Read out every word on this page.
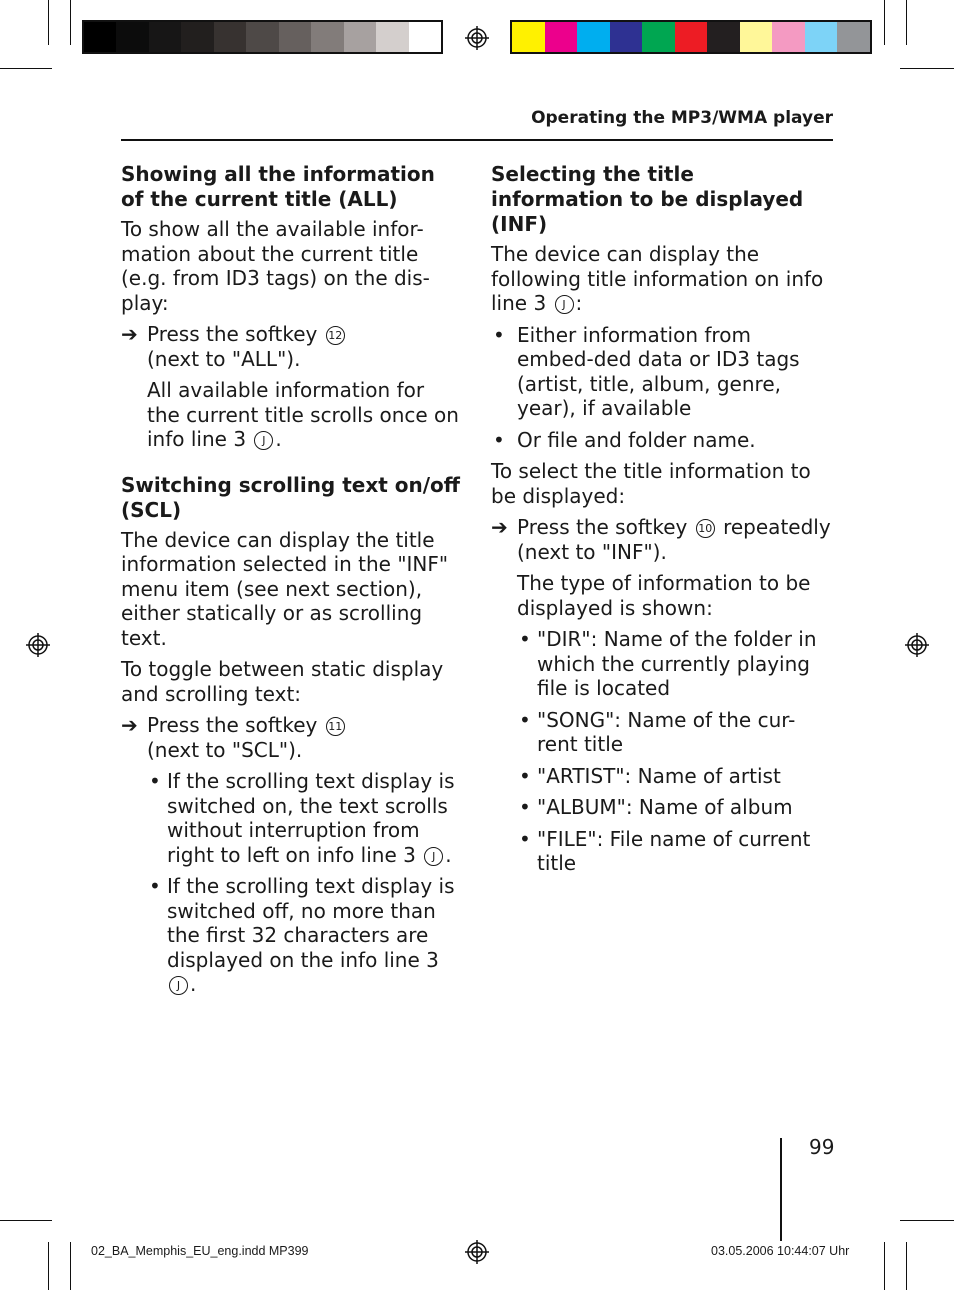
Operating the MP3/WMA player
Showing all the information of the current title (ALL)

To show all the available infor-mation about the current title (e.g. from ID3 tags) on the dis-play:

➔ Press the softkey 12
(next to "ALL").
All available information for the current title scrolls once on info line 3 J .
Switching scrolling text on/off (SCL)

The device can display the title information selected in the "INF" menu item (see next section), either statically or as scrolling text.

To toggle between static display and scrolling text:

➔ Press the softkey 11
(next to "SCL").
• If the scrolling text display is switched on, the text scrolls without interruption from right to left on info line 3 J .
• If the scrolling text display is switched off, no more than the first 32 characters are displayed on the info line 3 J .
Selecting the title information to be displayed (INF)

The device can display the following title information on info line 3 J :

• Either information from embed-ded data or ID3 tags (artist, title, album, genre, year), if available
• Or file and folder name.

To select the title information to be displayed:

➔ Press the softkey 10 repeatedly (next to "INF").
The type of information to be displayed is shown:
• "DIR": Name of the folder in which the currently playing file is located
• "SONG": Name of the cur-rent title
• "ARTIST": Name of artist
• "ALBUM": Name of album
• "FILE": File name of current title
99
02_BA_Memphis_EU_eng.indd MP399	03.05.2006 10:44:07 Uhr
